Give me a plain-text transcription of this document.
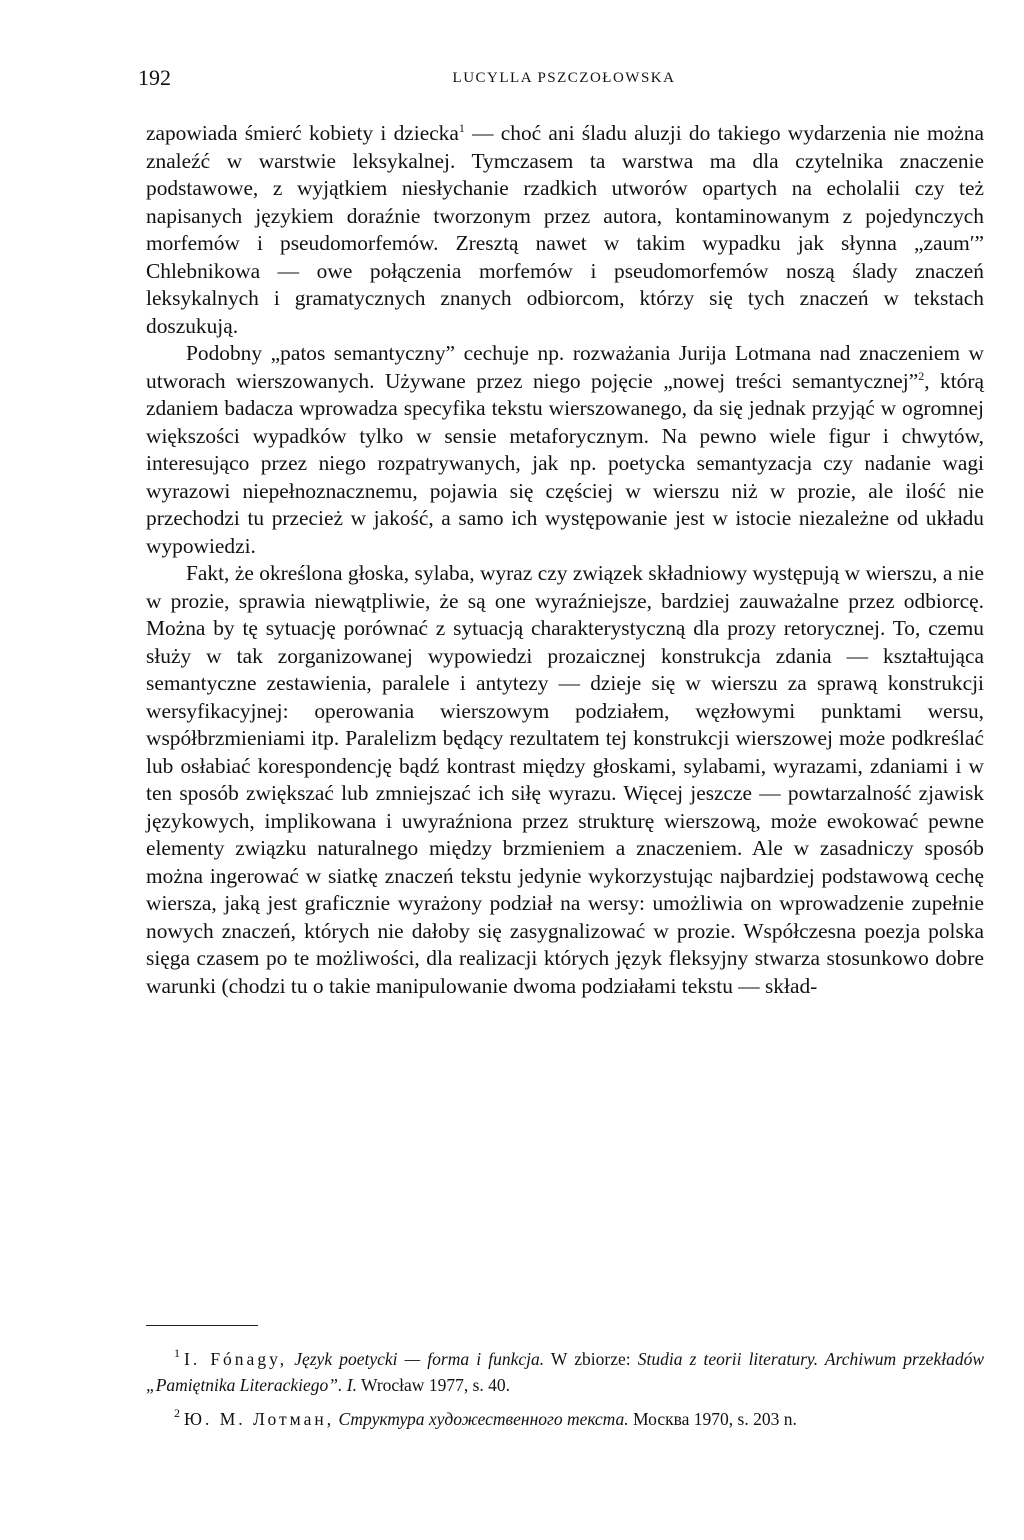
192	LUCYLLA PSZCZOŁOWSKA

zapowiada śmierć kobiety i dziecka$^1$ — choć ani śladu aluzji do takiego wydarzenia nie można znaleźć w warstwie leksykalnej. Tymczasem ta warstwa ma dla czytelnika znaczenie podstawowe, z wyjątkiem niesłychanie rzadkich utworów opartych na echolalii czy też napisanych językiem doraźnie tworzonym przez autora, kontaminowanym z pojedynczych morfemów i pseudomorfemów. Zresztą nawet w takim wypadku jak słynna „zaum′” Chlebnikowa — owe połączenia morfemów i pseudomorfemów noszą ślady znaczeń leksykalnych i gramatycznych znanych odbiorcom, którzy się tych znaczeń w tekstach doszukują.

Podobny „patos semantyczny” cechuje np. rozważania Jurija Lotmana nad znaczeniem w utworach wierszowanych. Używane przez niego pojęcie „nowej treści semantycznej”$^2$, którą zdaniem badacza wprowadza specyfika tekstu wierszowanego, da się jednak przyjąć w ogromnej większości wypadków tylko w sensie metaforycznym. Na pewno wiele figur i chwytów, interesująco przez niego rozpatrywanych, jak np. poetycka semantyzacja czy nadanie wagi wyrazowi niepełnoznacznemu, pojawia się częściej w wierszu niż w prozie, ale ilość nie przechodzi tu przecież w jakość, a samo ich występowanie jest w istocie niezależne od układu wypowiedzi.

Fakt, że określona głoska, sylaba, wyraz czy związek składniowy występują w wierszu, a nie w prozie, sprawia niewątpliwie, że są one wyraźniejsze, bardziej zauważalne przez odbiorcę. Można by tę sytuację porównać z sytuacją charakterystyczną dla prozy retorycznej. To, czemu służy w tak zorganizowanej wypowiedzi prozaicznej konstrukcja zdania — kształtująca semantyczne zestawienia, paralele i antytezy — dzieje się w wierszu za sprawą konstrukcji wersyfikacyjnej: operowania wierszowym podziałem, węzłowymi punktami wersu, współbrzmieniami itp. Paralelizm będący rezultatem tej konstrukcji wierszowej może podkreślać lub osłabiać korespondencję bądź kontrast między głoskami, sylabami, wyrazami, zdaniami i w ten sposób zwiększać lub zmniejszać ich siłę wyrazu. Więcej jeszcze — powtarzalność zjawisk językowych, implikowana i uwyraźniona przez strukturę wierszową, może ewokować pewne elementy związku naturalnego między brzmieniem a znaczeniem. Ale w zasadniczy sposób można ingerować w siatkę znaczeń tekstu jedynie wykorzystując najbardziej podstawową cechę wiersza, jaką jest graficznie wyrażony podział na wersy: umożliwia on wprowadzenie zupełnie nowych znaczeń, których nie dałoby się zasygnalizować w prozie. Współczesna poezja polska sięga czasem po te możliwości, dla realizacji których język fleksyjny stwarza stosunkowo dobre warunki (chodzi tu o takie manipulowanie dwoma podziałami tekstu — skład-

$^1$ I. Fónagy, Język poetycki — forma i funkcja. W zbiorze: Studia z teorii literatury. Archiwum przekładów „Pamiętnika Literackiego”. I. Wrocław 1977, s. 40.

$^2$ Ю. М. Лотман, Структура художественного текста. Москва 1970, s. 203 n.
